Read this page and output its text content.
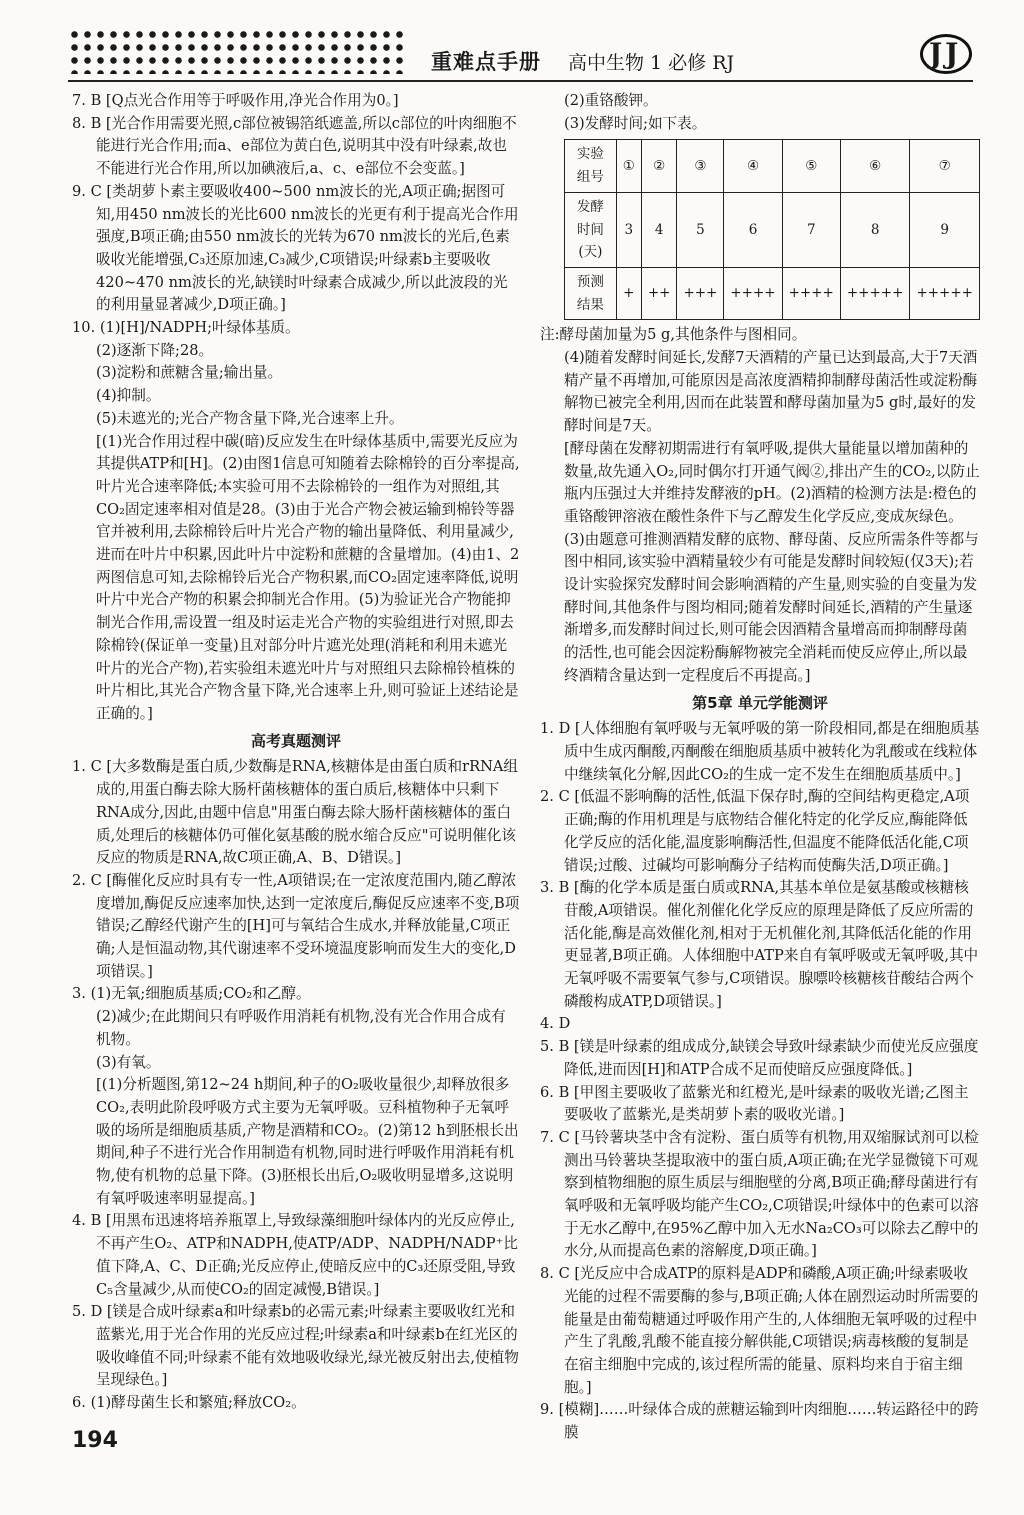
重难点手册 高中生物 1 必修 RJ	J J

7. B [Q点光合作用等于呼吸作用,净光合作用为0。]

8. B [光合作用需要光照,c部位被锡箔纸遮盖,所以c部位的叶肉细胞不能进行光合作用;而a、e部位为黄白色,说明其中没有叶绿素,故也不能进行光合作用,所以加碘液后,a、c、e部位不会变蓝。]

9. C [类胡萝卜素主要吸收400~500 nm波长的光,A项正确;据图可知,用450 nm波长的光比600 nm波长的光更有利于提高光合作用强度,B项正确;由550 nm波长的光转为670 nm波长的光后,色素吸收光能增强,C₃还原加速,C₃减少,C项错误;叶绿素b主要吸收420~470 nm波长的光,缺镁时叶绿素合成减少,所以此波段的光的利用量显著减少,D项正确。]

10. (1)[H]/NADPH;叶绿体基质。

(2)逐渐下降;28。

(3)淀粉和蔗糖含量;输出量。

(4)抑制。

(5)未遮光的;光合产物含量下降,光合速率上升。

[(1)光合作用过程中碳(暗)反应发生在叶绿体基质中,需要光反应为其提供ATP和[H]。(2)由图1信息可知随着去除棉铃的百分率提高,叶片光合速率降低;本实验可用不去除棉铃的一组作为对照组,其CO₂固定速率相对值是28。(3)由于光合产物会被运输到棉铃等器官并被利用,去除棉铃后叶片光合产物的输出量降低、利用量减少,进而在叶片中积累,因此叶片中淀粉和蔗糖的含量增加。(4)由1、2两图信息可知,去除棉铃后光合产物积累,而CO₂固定速率降低,说明叶片中光合产物的积累会抑制光合作用。(5)为验证光合产物能抑制光合作用,需设置一组及时运走光合产物的实验组进行对照,即去除棉铃(保证单一变量)且对部分叶片遮光处理(消耗和利用未遮光叶片的光合产物),若实验组未遮光叶片与对照组只去除棉铃植株的叶片相比,其光合产物含量下降,光合速率上升,则可验证上述结论是正确的。]

高考真题测评

1. C [大多数酶是蛋白质,少数酶是RNA,核糖体是由蛋白质和rRNA组成的,用蛋白酶去除大肠杆菌核糖体的蛋白质后,核糖体中只剩下RNA成分,因此,由题中信息"用蛋白酶去除大肠杆菌核糖体的蛋白质,处理后的核糖体仍可催化氨基酸的脱水缩合反应"可说明催化该反应的物质是RNA,故C项正确,A、B、D错误。]

2. C [酶催化反应时具有专一性,A项错误;在一定浓度范围内,随乙醇浓度增加,酶促反应速率加快,达到一定浓度后,酶促反应速率不变,B项错误;乙醇经代谢产生的[H]可与氧结合生成水,并释放能量,C项正确;人是恒温动物,其代谢速率不受环境温度影响而发生大的变化,D项错误。]

3. (1)无氧;细胞质基质;CO₂和乙醇。

(2)减少;在此期间只有呼吸作用消耗有机物,没有光合作用合成有机物。

(3)有氧。

[(1)分析题图,第12~24 h期间,种子的O₂吸收量很少,却释放很多CO₂,表明此阶段呼吸方式主要为无氧呼吸。豆科植物种子无氧呼吸的场所是细胞质基质,产物是酒精和CO₂。(2)第12 h到胚根长出期间,种子不进行光合作用制造有机物,同时进行呼吸作用消耗有机物,使有机物的总量下降。(3)胚根长出后,O₂吸收明显增多,这说明有氧呼吸速率明显提高。]

4. B [用黑布迅速将培养瓶罩上,导致绿藻细胞叶绿体内的光反应停止,不再产生O₂、ATP和NADPH,使ATP/ADP、NADPH/NADP⁺比值下降,A、C、D正确;光反应停止,使暗反应中的C₃还原受阻,导致C₅含量减少,从而使CO₂的固定减慢,B错误。]

5. D [镁是合成叶绿素a和叶绿素b的必需元素;叶绿素主要吸收红光和蓝紫光,用于光合作用的光反应过程;叶绿素a和叶绿素b在红光区的吸收峰值不同;叶绿素不能有效地吸收绿光,绿光被反射出去,使植物呈现绿色。]

6. (1)酵母菌生长和繁殖;释放CO₂。

(2)重铬酸钾。

(3)发酵时间;如下表。

实验组号	①	②	③	④	⑤	⑥	⑦
发酵时间(天)	3	4	5	6	7	8	9
预测结果	+	++	+++	++++	++++	+++++	+++++

注:酵母菌加量为5 g,其他条件与图相同。

(4)随着发酵时间延长,发酵7天酒精的产量已达到最高,大于7天酒精产量不再增加,可能原因是高浓度酒精抑制酵母菌活性或淀粉酶解物已被完全利用,因而在此装置和酵母菌加量为5 g时,最好的发酵时间是7天。

[酵母菌在发酵初期需进行有氧呼吸,提供大量能量以增加菌种的数量,故先通入O₂,同时偶尔打开通气阀②,排出产生的CO₂,以防止瓶内压强过大并维持发酵液的pH。(2)酒精的检测方法是:橙色的重铬酸钾溶液在酸性条件下与乙醇发生化学反应,变成灰绿色。(3)由题意可推测酒精发酵的底物、酵母菌、反应所需条件等都与图中相同,该实验中酒精量较少有可能是发酵时间较短(仅3天);若设计实验探究发酵时间会影响酒精的产生量,则实验的自变量为发酵时间,其他条件与图均相同;随着发酵时间延长,酒精的产生量逐渐增多,而发酵时间过长,则可能会因酒精含量增高而抑制酵母菌的活性,也可能会因淀粉酶解物被完全消耗而使反应停止,所以最终酒精含量达到一定程度后不再提高。]

第5章 单元学能测评

1. D [人体细胞有氧呼吸与无氧呼吸的第一阶段相同,都是在细胞质基质中生成丙酮酸,丙酮酸在细胞质基质中被转化为乳酸或在线粒体中继续氧化分解,因此CO₂的生成一定不发生在细胞质基质中。]

2. C [低温不影响酶的活性,低温下保存时,酶的空间结构更稳定,A项正确;酶的作用机理是与底物结合催化特定的化学反应,酶能降低化学反应的活化能,温度影响酶活性,但温度不能降低活化能,C项错误;过酸、过碱均可影响酶分子结构而使酶失活,D项正确。]

3. B [酶的化学本质是蛋白质或RNA,其基本单位是氨基酸或核糖核苷酸,A项错误。催化剂催化化学反应的原理是降低了反应所需的活化能,酶是高效催化剂,相对于无机催化剂,其降低活化能的作用更显著,B项正确。人体细胞中ATP来自有氧呼吸或无氧呼吸,其中无氧呼吸不需要氧气参与,C项错误。腺嘌呤核糖核苷酸结合两个磷酸构成ATP,D项错误。]

4. D

5. B [镁是叶绿素的组成成分,缺镁会导致叶绿素缺少而使光反应强度降低,进而因[H]和ATP合成不足而使暗反应强度降低。]

6. B [甲图主要吸收了蓝紫光和红橙光,是叶绿素的吸收光谱;乙图主要吸收了蓝紫光,是类胡萝卜素的吸收光谱。]

7. C [马铃薯块茎中含有淀粉、蛋白质等有机物,用双缩脲试剂可以检测出马铃薯块茎提取液中的蛋白质,A项正确;在光学显微镜下可观察到植物细胞的原生质层与细胞壁的分离,B项正确;酵母菌进行有氧呼吸和无氧呼吸均能产生CO₂,C项错误;叶绿体中的色素可以溶于无水乙醇中,在95%乙醇中加入无水Na₂CO₃可以除去乙醇中的水分,从而提高色素的溶解度,D项正确。]

8. C [光反应中合成ATP的原料是ADP和磷酸,A项正确;叶绿素吸收光能的过程不需要酶的参与,B项正确;人体在剧烈运动时所需要的能量是由葡萄糖通过呼吸作用产生的,人体细胞无氧呼吸的过程中产生了乳酸,乳酸不能直接分解供能,C项错误;病毒核酸的复制是在宿主细胞中完成的,该过程所需的能量、原料均来自于宿主细胞。]

9. [模糊]……叶绿体合成的蔗糖运输到叶肉细胞……转运路径中的跨膜

194
